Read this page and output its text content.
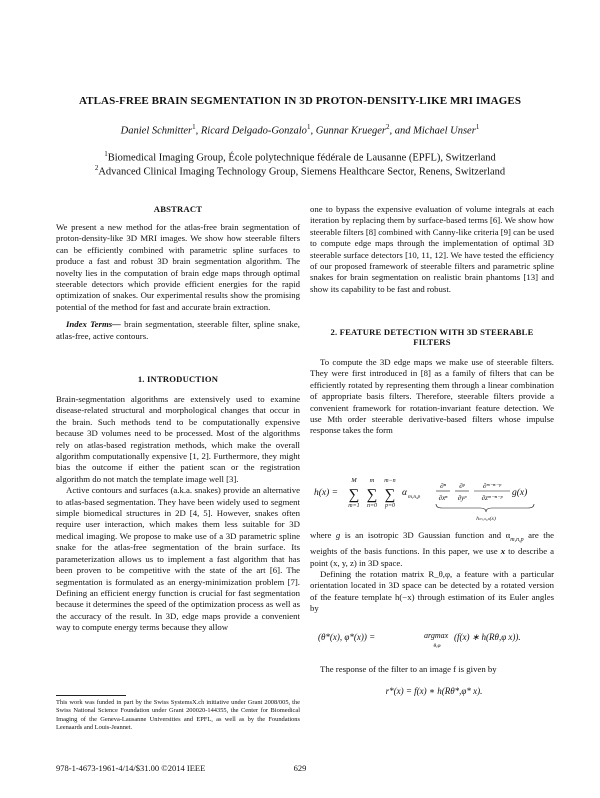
ATLAS-FREE BRAIN SEGMENTATION IN 3D PROTON-DENSITY-LIKE MRI IMAGES
Daniel Schmitter$^1$, Ricard Delgado-Gonzalo$^1$, Gunnar Krueger$^2$, and Michael Unser$^1$
$^1$Biomedical Imaging Group, École polytechnique fédérale de Lausanne (EPFL), Switzerland
$^2$Advanced Clinical Imaging Technology Group, Siemens Healthcare Sector, Renens, Switzerland
ABSTRACT

We present a new method for the atlas-free brain segmentation of proton-density-like 3D MRI images. We show how steerable filters can be efficiently combined with parametric spline surfaces to produce a fast and robust 3D brain segmentation algorithm. The novelty lies in the computation of brain edge maps through optimal steerable detectors which provide efficient energies for the rapid optimization of snakes. Our experimental results show the promising potential of the method for fast and accurate brain extraction.

Index Terms— brain segmentation, steerable filter, spline snake, atlas-free, active contours.

1. INTRODUCTION

Brain-segmentation algorithms are extensively used to examine disease-related structural and morphological changes that occur in the brain. Such methods tend to be computationally expensive because 3D volumes need to be processed. Most of the algorithms rely on atlas-based registration methods, which make the overall algorithm computationally expensive [1, 2]. Furthermore, they might bias the outcome if either the patient scan or the registration algorithm do not match the template image well [3].

Active contours and surfaces (a.k.a. snakes) provide an alternative to atlas-based segmentation. They have been widely used to segment simple biomedical structures in 2D [4, 5]. However, snakes often require user interaction, which makes them less suitable for 3D medical imaging. We propose to make use of a 3D parametric spline snake for the atlas-free segmentation of the brain surface. Its parameterization allows us to implement a fast algorithm that has been proven to be competitive with the state of the art [6]. The segmentation is formulated as an energy-minimization problem [7]. Defining an efficient energy function is crucial for fast segmentation because it determines the speed of the optimization process as well as the accuracy of the result. In 3D, edge maps provide a convenient way to compute energy terms because they allow

This work was funded in part by the Swiss SystemsX.ch initiative under Grant 2008/005, the Swiss National Science Foundation under Grant 200020-144355, the Center for Biomedical Imaging of the Geneva-Lausanne Universities and EPFL, as well as by the Foundations Leenaards and Louis-Jeannet.

one to bypass the expensive evaluation of volume integrals at each iteration by replacing them by surface-based terms [6]. We show how steerable filters [8] combined with Canny-like criteria [9] can be used to compute edge maps through the implementation of optimal 3D steerable surface detectors [10, 11, 12]. We have tested the efficiency of our proposed framework of steerable filters and parametric spline snakes for brain segmentation on realistic brain phantoms [13] and show its capability to be fast and robust.

2. FEATURE DETECTION WITH 3D STEERABLE
FILTERS

To compute the 3D edge maps we make use of steerable filters. They were first introduced in [8] as a family of filters that can be efficiently rotated by representing them through a linear combination of appropriate basis filters. Therefore, steerable filters provide a convenient framework for rotation-invariant feature detection. We use Mth order steerable derivative-based filters whose impulse response takes the form

h(x) =
M
∑
m=1
m
∑
n=0
m−n
∑
p=0
α m,n,p
∂ⁿ
∂xⁿ
∂ᵖ
∂yᵖ
∂ᵐ⁻ⁿ⁻ᵖ
∂zᵐ⁻ⁿ⁻ᵖ g(x)
hₘ,ₙ,ₚ(x)

where g is an isotropic 3D Gaussian function and $\alpha_{m,n,p}$ are the weights of the basis functions. In this paper, we use x to describe a point (x, y, z) in 3D space.

Defining the rotation matrix R_θ,φ, a feature with a particular orientation located in 3D space can be detected by a rotated version of the feature template h(−x) through estimation of its Euler angles by

(θ*(x), φ*(x)) =	argmax
θ,φ
(f(x) ∗ h(Rθ,φ x)).

The response of the filter to an image f is given by

r*(x) = f(x) ∗ h(Rθ*,φ* x).
978-1-4673-1961-4/14/$31.00 ©2014 IEEE	629
